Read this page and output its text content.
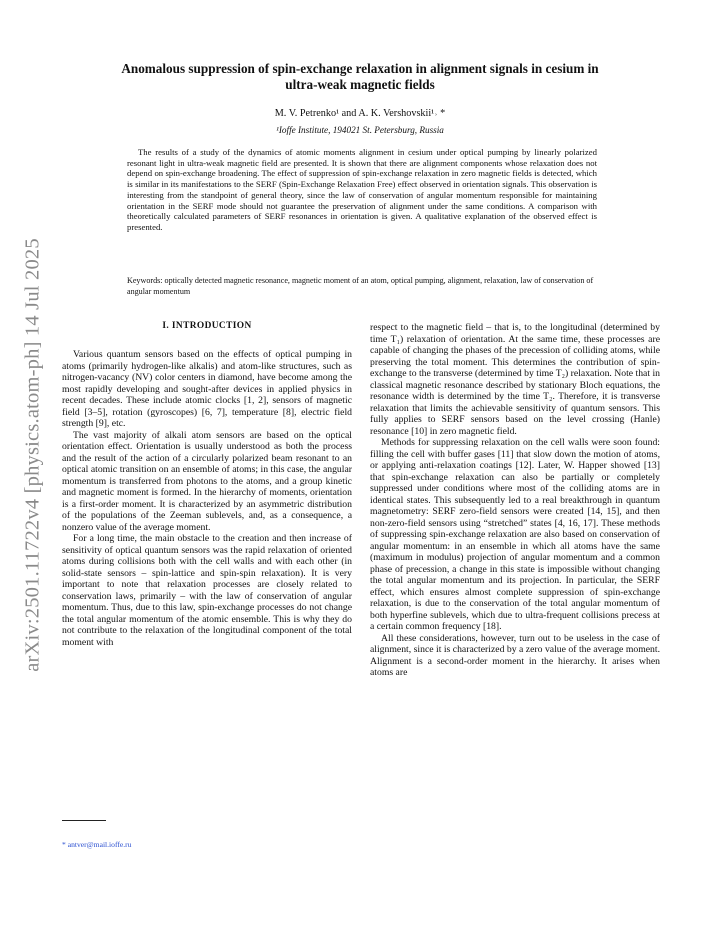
arXiv:2501.11722v4 [physics.atom-ph] 14 Jul 2025
Anomalous suppression of spin-exchange relaxation in alignment signals in cesium in
ultra-weak magnetic fields
M. V. Petrenko¹ and A. K. Vershovskii¹˒ *
¹Ioffe Institute, 194021 St. Petersburg, Russia

The results of a study of the dynamics of atomic moments alignment in cesium under optical pumping by linearly polarized resonant light in ultra-weak magnetic field are presented. It is shown that there are alignment components whose relaxation does not depend on spin-exchange broadening. The effect of suppression of spin-exchange relaxation in zero magnetic fields is detected, which is similar in its manifestations to the SERF (Spin-Exchange Relaxation Free) effect observed in orientation signals. This observation is interesting from the standpoint of general theory, since the law of conservation of angular momentum responsible for maintaining orientation in the SERF mode should not guarantee the preservation of alignment under the same conditions. A comparison with theoretically calculated parameters of SERF resonances in orientation is given. A qualitative explanation of the observed effect is presented.

Keywords: optically detected magnetic resonance, magnetic moment of an atom, optical pumping, alignment, relaxation, law of conservation of angular momentum

I. INTRODUCTION

Various quantum sensors based on the effects of optical pumping in atoms (primarily hydrogen-like alkalis) and atom-like structures, such as nitrogen-vacancy (NV) color centers in diamond, have become among the most rapidly developing and sought-after devices in applied physics in recent decades. These include atomic clocks [1, 2], sensors of magnetic field [3–5], rotation (gyroscopes) [6, 7], temperature [8], electric field strength [9], etc.

The vast majority of alkali atom sensors are based on the optical orientation effect. Orientation is usually understood as both the process and the result of the action of a circularly polarized beam resonant to an optical atomic transition on an ensemble of atoms; in this case, the angular momentum is transferred from photons to the atoms, and a group kinetic and magnetic moment is formed. In the hierarchy of moments, orientation is a first-order moment. It is characterized by an asymmetric distribution of the populations of the Zeeman sublevels, and, as a consequence, a nonzero value of the average moment.

For a long time, the main obstacle to the creation and then increase of sensitivity of optical quantum sensors was the rapid relaxation of oriented atoms during collisions both with the cell walls and with each other (in solid-state sensors – spin-lattice and spin-spin relaxation). It is very important to note that relaxation processes are closely related to conservation laws, primarily – with the law of conservation of angular momentum. Thus, due to this law, spin-exchange processes do not change the total angular momentum of the atomic ensemble. This is why they do not contribute to the relaxation of the longitudinal component of the total moment with

respect to the magnetic field – that is, to the longitudinal (determined by time T₁) relaxation of orientation. At the same time, these processes are capable of changing the phases of the precession of colliding atoms, while preserving the total moment. This determines the contribution of spin-exchange to the transverse (determined by time T₂) relaxation. Note that in classical magnetic resonance described by stationary Bloch equations, the resonance width is determined by the time T₂. Therefore, it is transverse relaxation that limits the achievable sensitivity of quantum sensors. This fully applies to SERF sensors based on the level crossing (Hanle) resonance [10] in zero magnetic field.

Methods for suppressing relaxation on the cell walls were soon found: filling the cell with buffer gases [11] that slow down the motion of atoms, or applying anti-relaxation coatings [12]. Later, W. Happer showed [13] that spin-exchange relaxation can also be partially or completely suppressed under conditions where most of the colliding atoms are in identical states. This subsequently led to a real breakthrough in quantum magnetometry: SERF zero-field sensors were created [14, 15], and then non-zero-field sensors using “stretched” states [4, 16, 17]. These methods of suppressing spin-exchange relaxation are also based on conservation of angular momentum: in an ensemble in which all atoms have the same (maximum in modulus) projection of angular momentum and a common phase of precession, a change in this state is impossible without changing the total angular momentum and its projection. In particular, the SERF effect, which ensures almost complete suppression of spin-exchange relaxation, is due to the conservation of the total angular momentum of both hyperfine sublevels, which due to ultra-frequent collisions precess at a certain common frequency [18].

All these considerations, however, turn out to be useless in the case of alignment, since it is characterized by a zero value of the average moment. Alignment is a second-order moment in the hierarchy. It arises when atoms are

* antver@mail.ioffe.ru
